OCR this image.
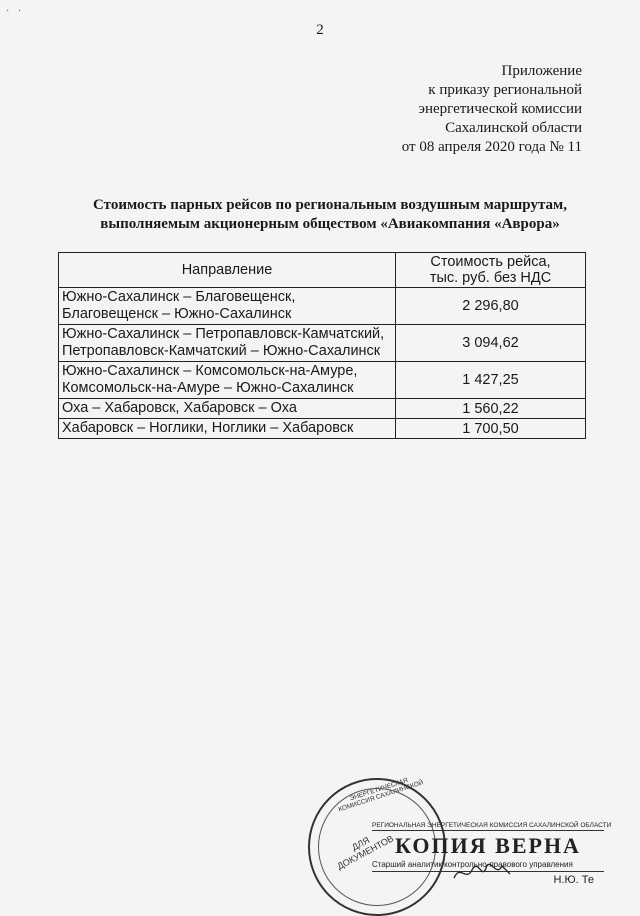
· ·
2
Приложение
к приказу региональной
энергетической комиссии
Сахалинской области
от 08 апреля 2020 года № 11
Стоимость парных рейсов по региональным воздушным маршрутам,
выполняемым акционерным обществом «Авиакомпания «Аврора»
Направление	Стоимость рейса,
тыс. руб. без НДС

Южно-Сахалинск – Благовещенск,
Благовещенск – Южно-Сахалинск	2 296,80

Южно-Сахалинск – Петропавловск-Камчатский,
Петропавловск-Камчатский – Южно-Сахалинск	3 094,62

Южно-Сахалинск – Комсомольск-на-Амуре,
Комсомольск-на-Амуре – Южно-Сахалинск	1 427,25
Оха – Хабаровск, Хабаровск – Оха	1 560,22
Хабаровск – Ноглики, Ноглики – Хабаровск	1 700,50
ЭНЕРГЕТИЧЕСКАЯ КОМИССИЯ САХАЛИНСКОЙ
ДЛЯ ДОКУМЕНТОВ
РЕГИОНАЛЬНАЯ ЭНЕРГЕТИЧЕСКАЯ КОМИССИЯ САХАЛИНСКОЙ ОБЛАСТИ
КОПИЯ ВЕРНА
Старший аналитик контрольно-правового управления
Н.Ю. Те
